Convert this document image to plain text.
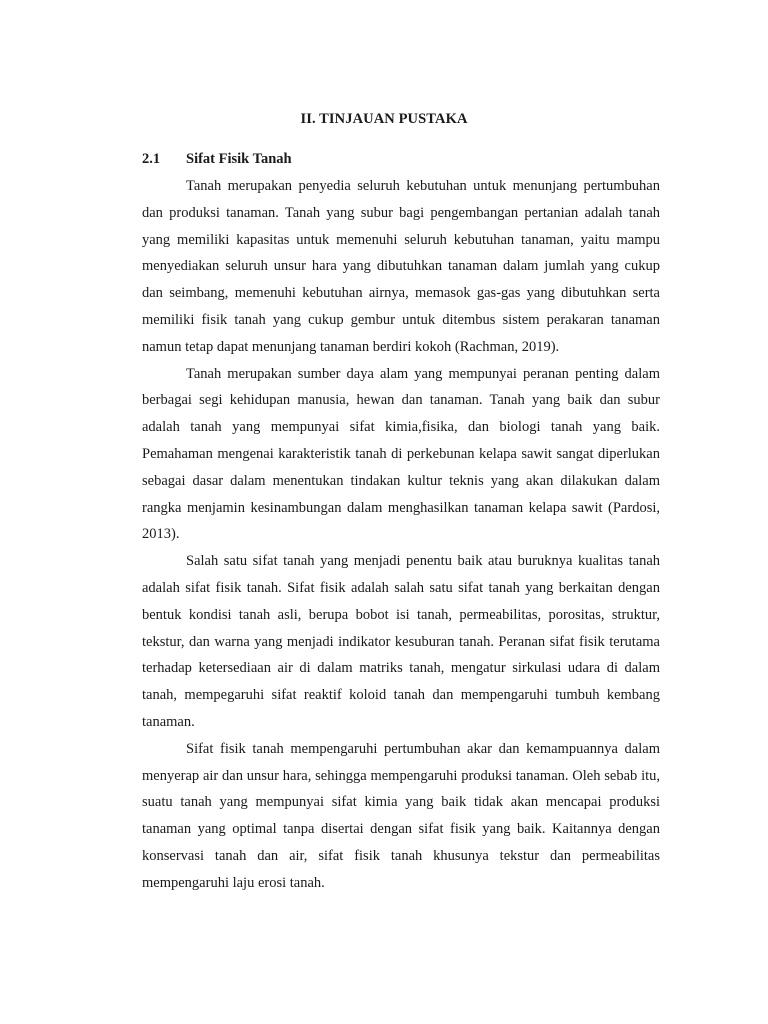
II. TINJAUAN PUSTAKA
2.1 Sifat Fisik Tanah

Tanah merupakan penyedia seluruh kebutuhan untuk menunjang pertumbuhan dan produksi tanaman. Tanah yang subur bagi pengembangan pertanian adalah tanah yang memiliki kapasitas untuk memenuhi seluruh kebutuhan tanaman, yaitu mampu menyediakan seluruh unsur hara yang dibutuhkan tanaman dalam jumlah yang cukup dan seimbang, memenuhi kebutuhan airnya, memasok gas-gas yang dibutuhkan serta memiliki fisik tanah yang cukup gembur untuk ditembus sistem perakaran tanaman namun tetap dapat menunjang tanaman berdiri kokoh (Rachman, 2019).

Tanah merupakan sumber daya alam yang mempunyai peranan penting dalam berbagai segi kehidupan manusia, hewan dan tanaman. Tanah yang baik dan subur adalah tanah yang mempunyai sifat kimia,fisika, dan biologi tanah yang baik. Pemahaman mengenai karakteristik tanah di perkebunan kelapa sawit sangat diperlukan sebagai dasar dalam menentukan tindakan kultur teknis yang akan dilakukan dalam rangka menjamin kesinambungan dalam menghasilkan tanaman kelapa sawit (Pardosi, 2013).

Salah satu sifat tanah yang menjadi penentu baik atau buruknya kualitas tanah adalah sifat fisik tanah. Sifat fisik adalah salah satu sifat tanah yang berkaitan dengan bentuk kondisi tanah asli, berupa bobot isi tanah, permeabilitas, porositas, struktur, tekstur, dan warna yang menjadi indikator kesuburan tanah. Peranan sifat fisik terutama terhadap ketersediaan air di dalam matriks tanah, mengatur sirkulasi udara di dalam tanah, mempegaruhi sifat reaktif koloid tanah dan mempengaruhi tumbuh kembang tanaman.

Sifat fisik tanah mempengaruhi pertumbuhan akar dan kemampuannya dalam menyerap air dan unsur hara, sehingga mempengaruhi produksi tanaman. Oleh sebab itu, suatu tanah yang mempunyai sifat kimia yang baik tidak akan mencapai produksi tanaman yang optimal tanpa disertai dengan sifat fisik yang baik. Kaitannya dengan konservasi tanah dan air, sifat fisik tanah khusunya tekstur dan permeabilitas mempengaruhi laju erosi tanah.
